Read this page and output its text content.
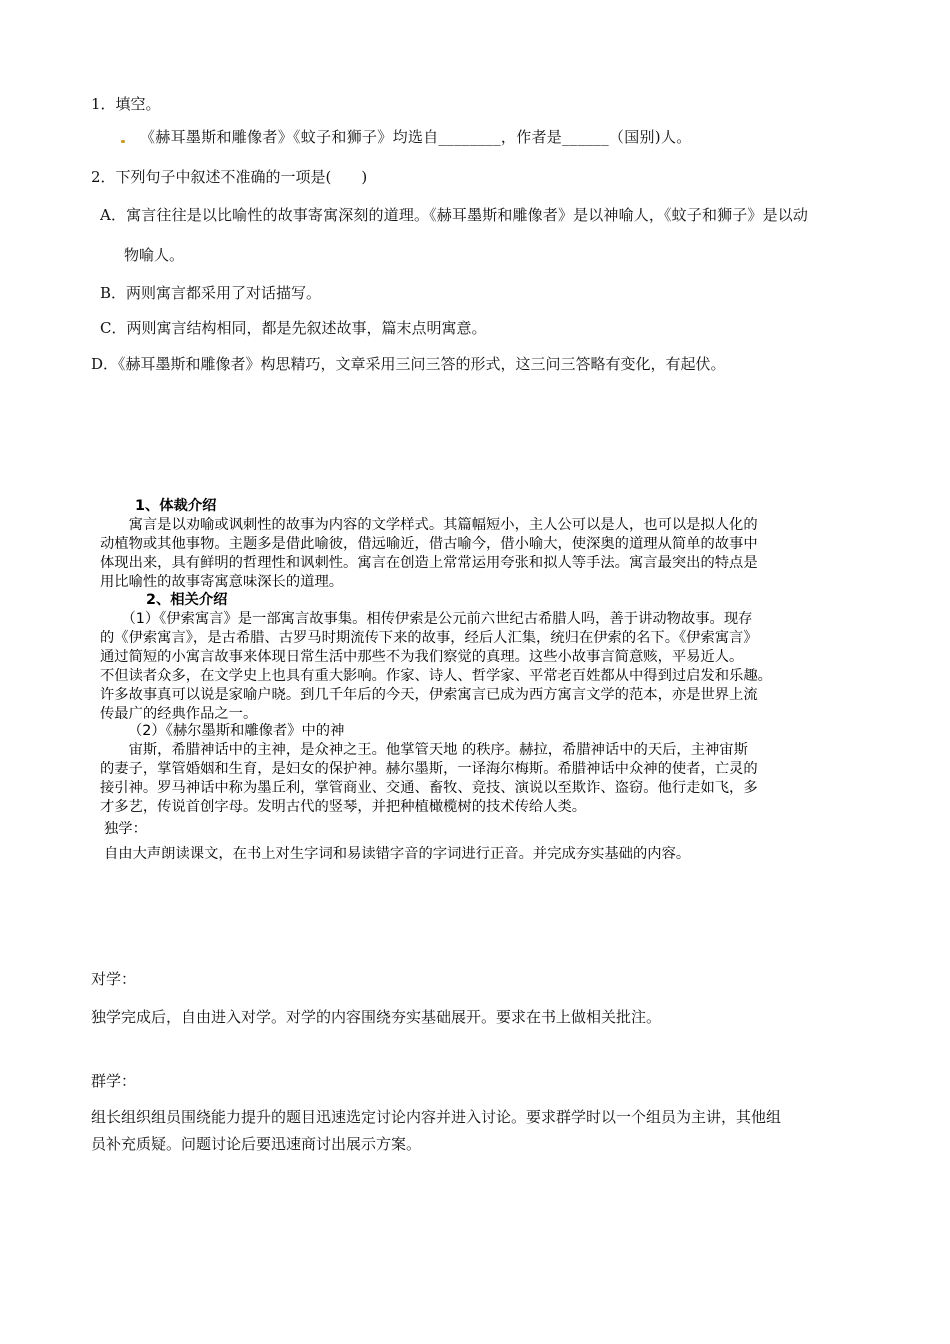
1．填空。
《赫耳墨斯和雕像者》《蚊子和狮子》均选自________，作者是______（国别)人。
2．下列句子中叙述不准确的一项是(　　)
A．寓言往往是以比喻性的故事寄寓深刻的道理。《赫耳墨斯和雕像者》是以神喻人，《蚊子和狮子》是以动
物喻人。
B．两则寓言都采用了对话描写。
C．两则寓言结构相同，都是先叙述故事，篇末点明寓意。
D．《赫耳墨斯和雕像者》构思精巧，文章采用三问三答的形式，这三问三答略有变化，有起伏。
1、体裁介绍
　　寓言是以劝喻或讽刺性的故事为内容的文学样式。其篇幅短小，主人公可以是人，也可以是拟人化的
动植物或其他事物。主题多是借此喻彼，借远喻近，借古喻今，借小喻大，使深奥的道理从简单的故事中
体现出来，具有鲜明的哲理性和讽刺性。寓言在创造上常常运用夸张和拟人等手法。寓言最突出的特点是
用比喻性的故事寄寓意味深长的道理。
2、相关介绍
　　（1）《伊索寓言》是一部寓言故事集。相传伊索是公元前六世纪古希腊人吗，善于讲动物故事。现存
的《伊索寓言》，是古希腊、古罗马时期流传下来的故事，经后人汇集，统归在伊索的名下。《伊索寓言》
通过简短的小寓言故事来体现日常生活中那些不为我们察觉的真理。这些小故事言简意赅，平易近人。
不但读者众多，在文学史上也具有重大影响。作家、诗人、哲学家、平常老百姓都从中得到过启发和乐趣。
许多故事真可以说是家喻户晓。到几千年后的今天，伊索寓言已成为西方寓言文学的范本，亦是世界上流
传最广的经典作品之一。
（2）《赫尔墨斯和雕像者》中的神
　　宙斯，希腊神话中的主神，是众神之王。他掌管天地 的秩序。赫拉，希腊神话中的天后，主神宙斯
的妻子，掌管婚姻和生育，是妇女的保护神。赫尔墨斯，一译海尔梅斯。希腊神话中众神的使者，亡灵的
接引神。罗马神话中称为墨丘利，掌管商业、交通、畜牧、竞技、演说以至欺诈、盗窃。他行走如飞，多
才多艺，传说首创字母。发明古代的竖琴，并把种植橄榄树的技术传给人类。
独学：
自由大声朗读课文，在书上对生字词和易读错字音的字词进行正音。并完成夯实基础的内容。
对学：
独学完成后，自由进入对学。对学的内容围绕夯实基础展开。要求在书上做相关批注。
群学：
组长组织组员围绕能力提升的题目迅速选定讨论内容并进入讨论。要求群学时以一个组员为主讲，其他组
员补充质疑。问题讨论后要迅速商讨出展示方案。
